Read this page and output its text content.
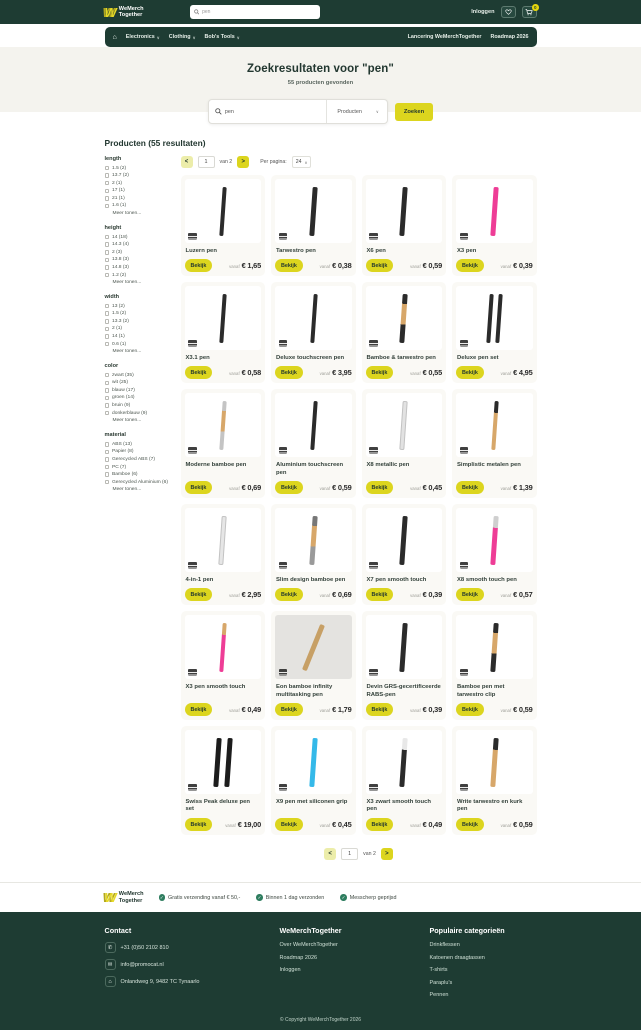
W WeMerch
Together
pen	Inloggen
0
⌂ Electronics ∨ Clothing ∨ Bob's Tools ∨	Lancering WeMerchTogether Roadmap 2026
Zoekresultaten voor "pen"

55 producten gevonden

pen
Producten	∨	Zoeken
Producten (55 resultaten)
length
1.5 (2)
13.7 (2)
2 (1)
17 (1)
21 (1)
1.6 (1)
Meer tonen...
height
14 (18)
14.3 (4)
2 (3)
13.8 (3)
14.8 (3)
1.2 (2)
Meer tonen...
width
13 (2)
1.5 (2)
13.3 (2)
2 (1)
14 (1)
0.6 (1)
Meer tonen...
color
zwart (35)
wit (25)
blauw (17)
groen (14)
bruin (9)
donkerblauw (9)
Meer tonen...
material
ABS (13)
Papier (8)
Gerecycled ABS (7)
PC (7)
Bamboe (6)
Gerecycled Aluminium (6)
Meer tonen...
<
1	van 2	>	Per pagina: 24 ∨
Luzern pen
Bekijk	vanaf € 1,65
Tarwestro pen
Bekijk	vanaf € 0,38
X6 pen
Bekijk	vanaf € 0,59
X3 pen
Bekijk	vanaf € 0,39
X3.1 pen
Bekijk	vanaf € 0,58
Deluxe touchscreen pen
Bekijk	vanaf € 3,95
Bamboe & tarwestro pen
Bekijk	vanaf € 0,55
Deluxe pen set
Bekijk	vanaf € 4,95
Moderne bamboe pen
Bekijk	vanaf € 0,69
Aluminium touchscreen pen
Bekijk	vanaf € 0,59
X8 metallic pen
Bekijk	vanaf € 0,45
Simplistic metalen pen
Bekijk	vanaf € 1,39
4-in-1 pen
Bekijk	vanaf € 2,95
Slim design bamboe pen
Bekijk	vanaf € 0,69
X7 pen smooth touch
Bekijk	vanaf € 0,39
X8 smooth touch pen
Bekijk	vanaf € 0,57
X3 pen smooth touch
Bekijk	vanaf € 0,49
Eon bamboe infinity multitasking pen
Bekijk	vanaf € 1,79
Devin GRS-gecertificeerde RABS-pen
Bekijk	vanaf € 0,39
Bamboe pen met tarwestro clip
Bekijk	vanaf € 0,59
Swiss Peak deluxe pen set
Bekijk	vanaf € 19,00
X9 pen met siliconen grip
Bekijk	vanaf € 0,45
X3 zwart smooth touch pen
Bekijk	vanaf € 0,49
Write tarwestro en kurk pen
Bekijk	vanaf € 0,59
<
1	van 2	>
W WeMerch
Together
✓ Gratis verzending vanaf € 50,-	✓ Binnen 1 dag verzonden	✓ Messcherp geprijsd
Contact
✆	+31 (0)50 2102 810
✉	info@promocat.nl
⌂	Onlandweg 9, 9482 TC Tynaarlo
WeMerchTogether
Over WeMerchTogether
Roadmap 2026
Inloggen
Populaire categorieën
Drinkflessen
Katoenen draagtassen
T-shirts
Paraplu's
Pennen
© Copyright WeMerchTogether 2026
